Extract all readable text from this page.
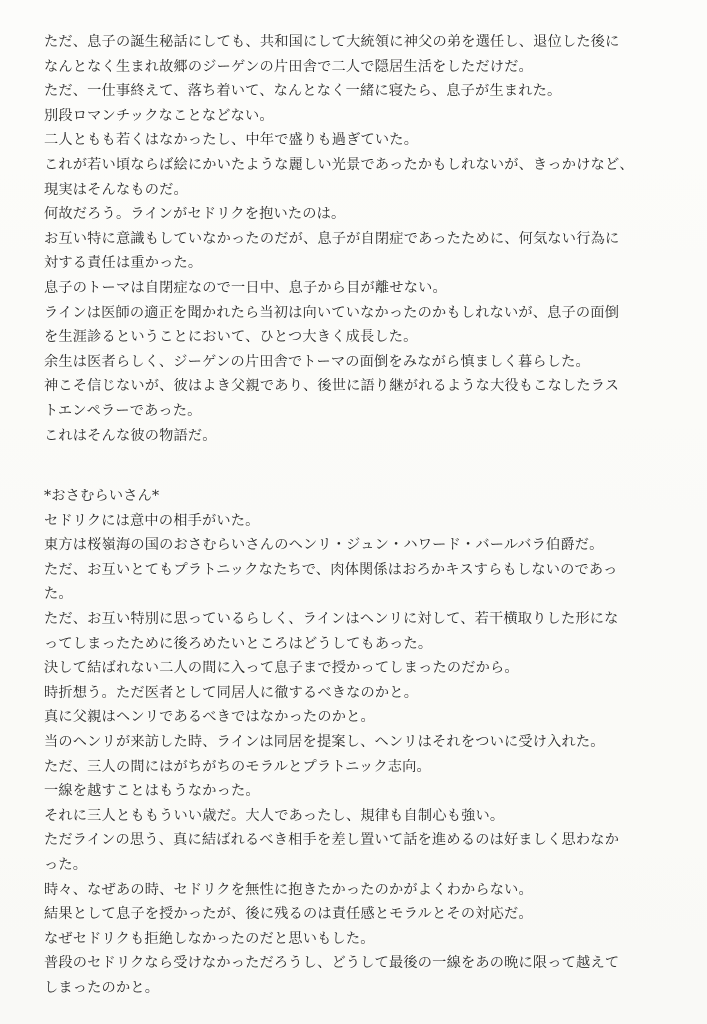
ただ、息子の誕生秘話にしても、共和国にして大統領に神父の弟を選任し、退位した後に
なんとなく生まれ故郷のジーゲンの片田舎で二人で隠居生活をしただけだ。
ただ、一仕事終えて、落ち着いて、なんとなく一緒に寝たら、息子が生まれた。
別段ロマンチックなことなどない。
二人ともも若くはなかったし、中年で盛りも過ぎていた。
これが若い頃ならば絵にかいたような麗しい光景であったかもしれないが、きっかけなど、
現実はそんなものだ。
何故だろう。ラインがセドリクを抱いたのは。
お互い特に意識もしていなかったのだが、息子が自閉症であったために、何気ない行為に
対する責任は重かった。
息子のトーマは自閉症なので一日中、息子から目が離せない。
ラインは医師の適正を聞かれたら当初は向いていなかったのかもしれないが、息子の面倒
を生涯診るということにおいて、ひとつ大きく成長した。
余生は医者らしく、ジーゲンの片田舎でトーマの面倒をみながら慎ましく暮らした。
神こそ信じないが、彼はよき父親であり、後世に語り継がれるような大役もこなしたラス
トエンペラーであった。
これはそんな彼の物語だ。
*おさむらいさん*
セドリクには意中の相手がいた。
東方は桜嶺海の国のおさむらいさんのヘンリ・ジュン・ハワード・バールバラ伯爵だ。
ただ、お互いとてもプラトニックなたちで、肉体関係はおろかキスすらもしないのであっ
た。
ただ、お互い特別に思っているらしく、ラインはヘンリに対して、若干横取りした形にな
ってしまったために後ろめたいところはどうしてもあった。
決して結ばれない二人の間に入って息子まで授かってしまったのだから。
時折想う。ただ医者として同居人に徹するべきなのかと。
真に父親はヘンリであるべきではなかったのかと。
当のヘンリが来訪した時、ラインは同居を提案し、ヘンリはそれをついに受け入れた。
ただ、三人の間にはがちがちのモラルとプラトニック志向。
一線を越すことはもうなかった。
それに三人とももういい歳だ。大人であったし、規律も自制心も強い。
ただラインの思う、真に結ばれるべき相手を差し置いて話を進めるのは好ましく思わなか
った。
時々、なぜあの時、セドリクを無性に抱きたかったのかがよくわからない。
結果として息子を授かったが、後に残るのは責任感とモラルとその対応だ。
なぜセドリクも拒絶しなかったのだと思いもした。
普段のセドリクなら受けなかっただろうし、どうして最後の一線をあの晩に限って越えて
しまったのかと。
